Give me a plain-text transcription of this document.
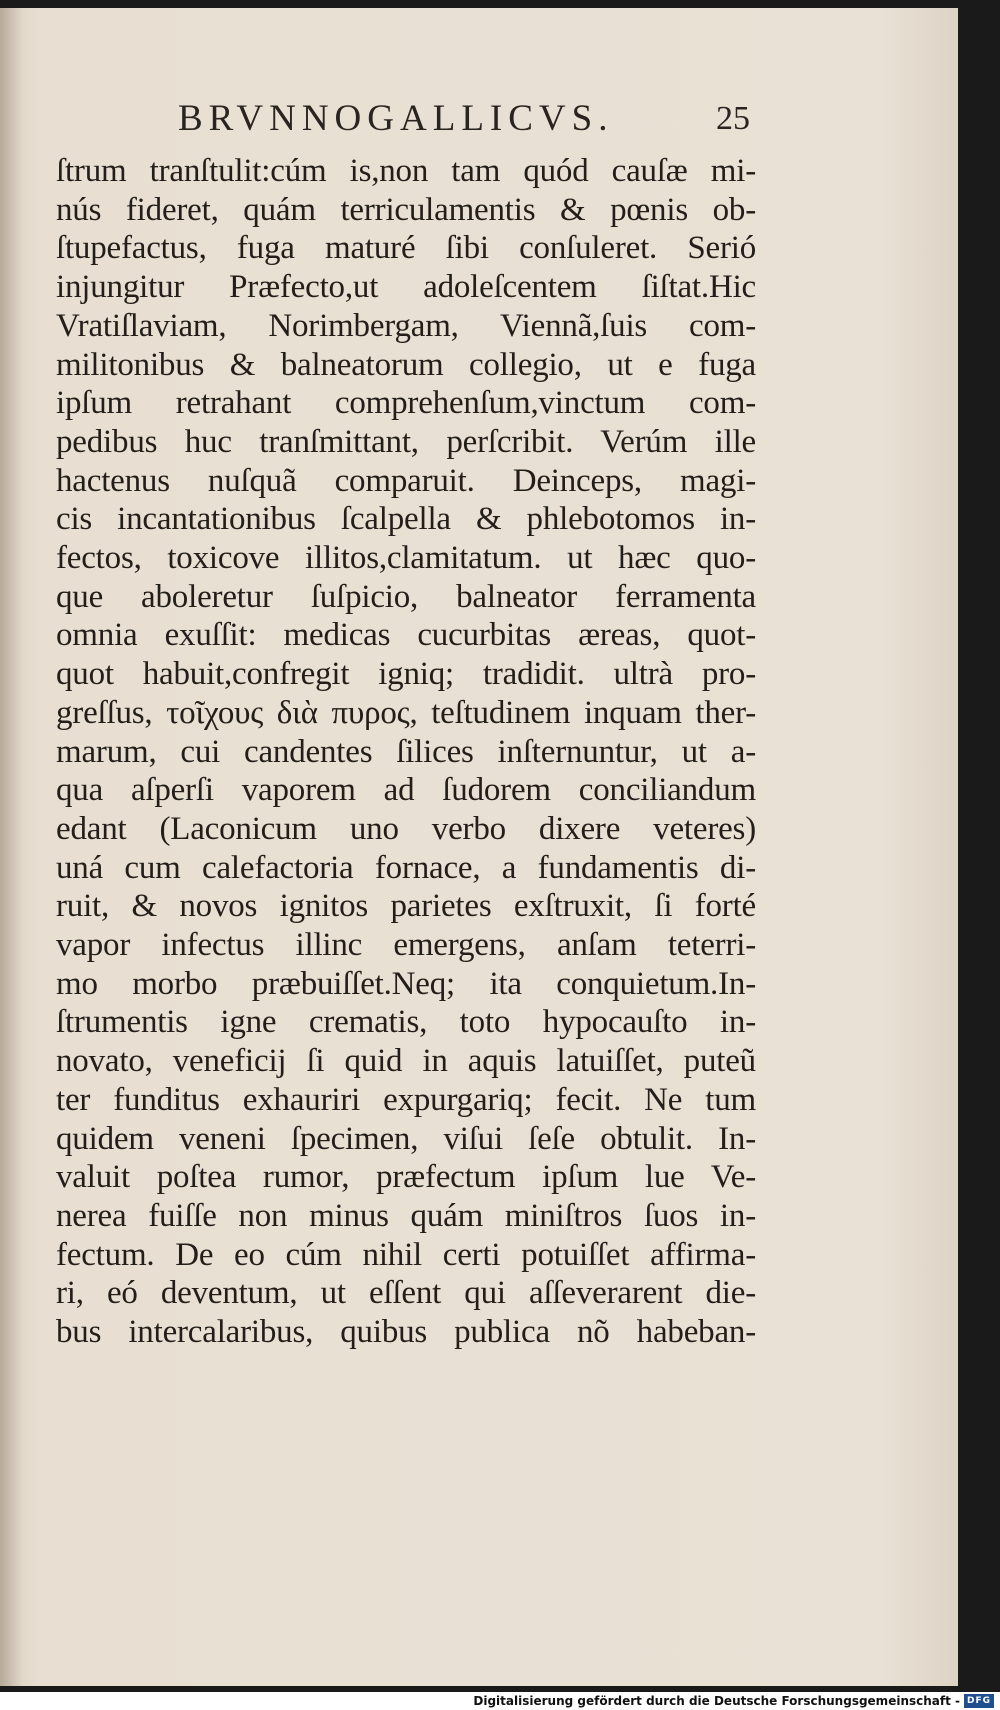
BRVNNOGALLICVS.	25
ſtrum tranſtulit:cúm is,non tam quód cauſæ mi-
nús fideret, quám terriculamentis & pœnis ob-
ſtupefactus, fuga maturé ſibi conſuleret. Serió
injungitur Præfecto,ut adoleſcentem ſiſtat.Hic
Vratiſlaviam, Norimbergam, Viennã,ſuis com-
militonibus & balneatorum collegio, ut e fuga
ipſum retrahant comprehenſum,vinctum com-
pedibus huc tranſmittant, perſcribit. Verúm ille
hactenus nuſquã comparuit. Deinceps, magi-
cis incantationibus ſcalpella & phlebotomos in-
fectos, toxicove illitos,clamitatum. ut hæc quo-
que aboleretur ſuſpicio, balneator ferramenta
omnia exuſſit: medicas cucurbitas æreas, quot-
quot habuit,confregit igniq; tradidit. ultrà pro-
greſſus, τοῖχους διὰ πυρος, teſtudinem inquam ther-
marum, cui candentes ſilices inſternuntur, ut a-
qua aſperſi vaporem ad ſudorem conciliandum
edant (Laconicum uno verbo dixere veteres)
uná cum calefactoria fornace, a fundamentis di-
ruit, & novos ignitos parietes exſtruxit, ſi forté
vapor infectus illinc emergens, anſam teterri-
mo morbo præbuiſſet.Neq; ita conquietum.In-
ſtrumentis igne crematis, toto hypocauſto in-
novato, veneficij ſi quid in aquis latuiſſet, puteũ
ter funditus exhauriri expurgariq; fecit. Ne tum
quidem veneni ſpecimen, viſui ſeſe obtulit. In-
valuit poſtea rumor, præfectum ipſum lue Ve-
nerea fuiſſe non minus quám miniſtros ſuos in-
fectum. De eo cúm nihil certi potuiſſet affirma-
ri, eó deventum, ut eſſent qui aſſeverarent die-
bus intercalaribus, quibus publica nõ habeban-
Digitalisierung gefördert durch die Deutsche Forschungsgemeinschaft - DFG
